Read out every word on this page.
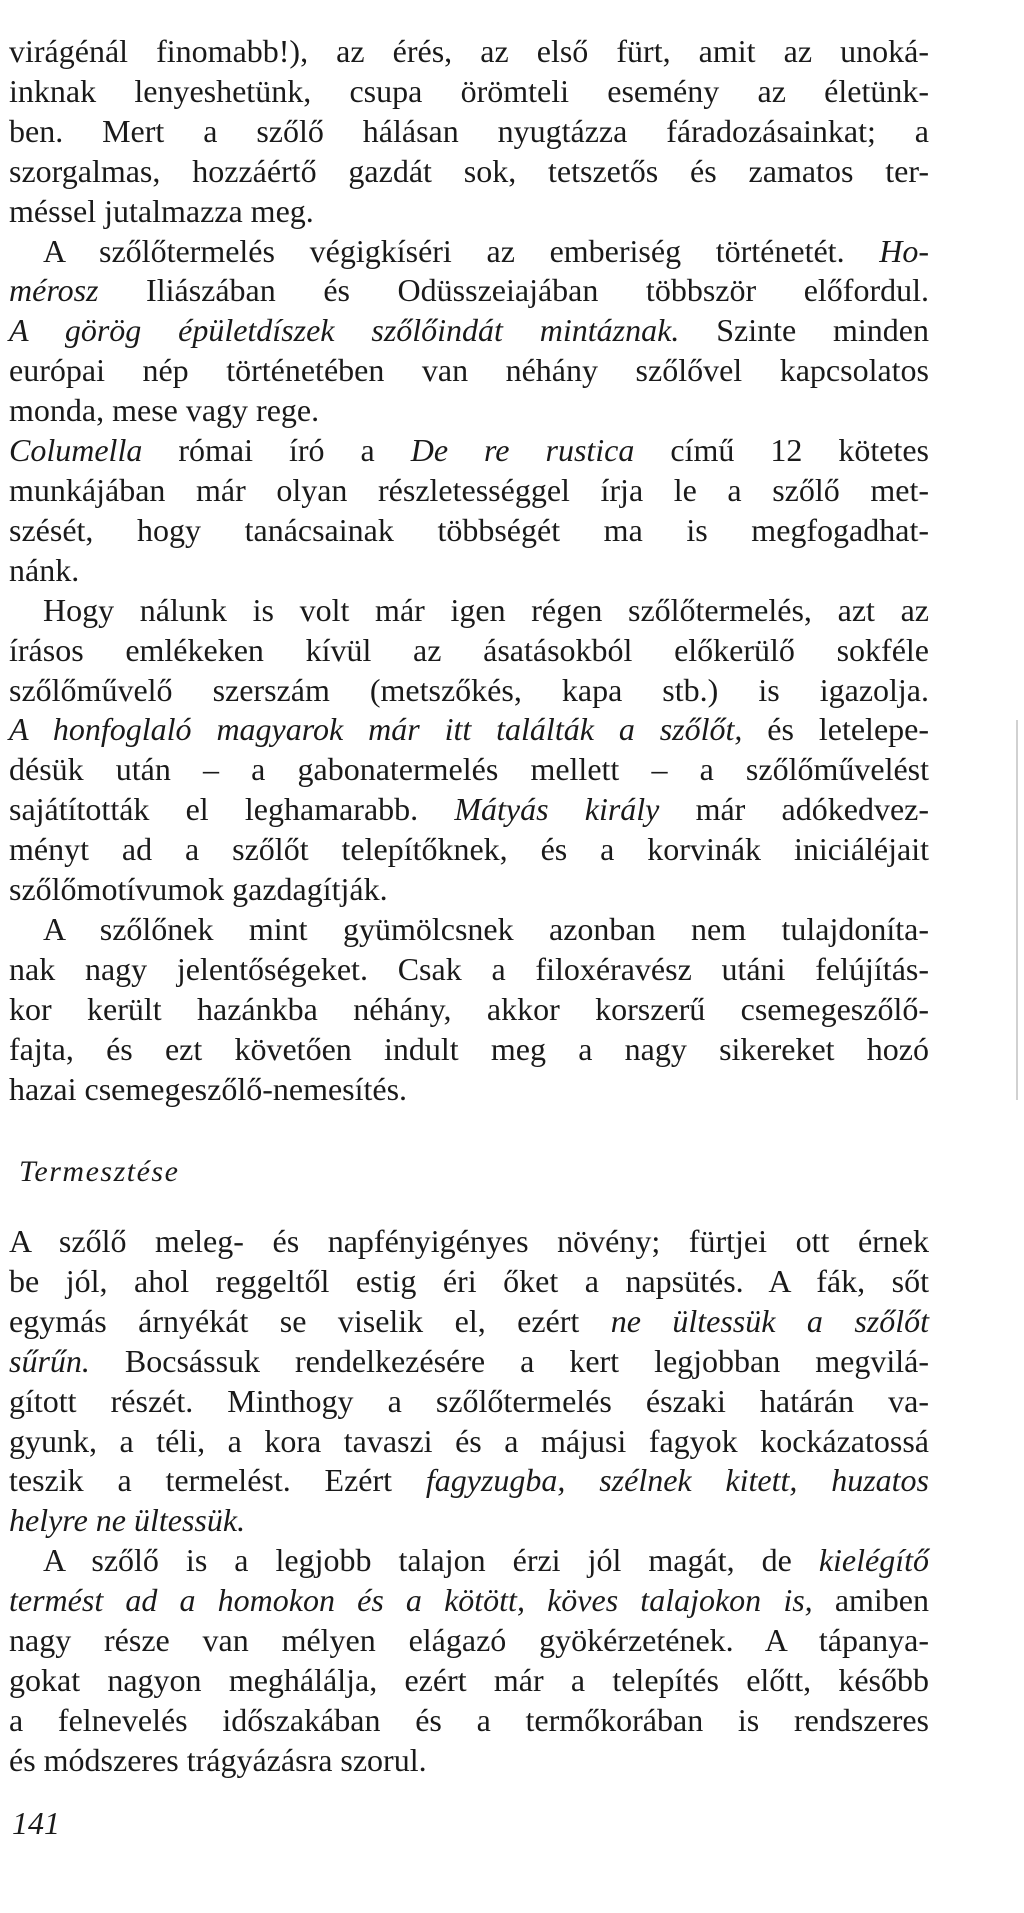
virágénál finomabb!), az érés, az első fürt, amit az unoká-
inknak lenyeshetünk, csupa örömteli esemény az életünk-
ben. Mert a szőlő hálásan nyugtázza fáradozásainkat; a
szorgalmas, hozzáértő gazdát sok, tetszetős és zamatos ter-
méssel jutalmazza meg.
A szőlőtermelés végigkíséri az emberiség történetét. Ho-
mérosz Iliászában és Odüsszeiajában többször előfordul.
A görög épületdíszek szőlőindát mintáznak. Szinte minden
európai nép történetében van néhány szőlővel kapcsolatos
monda, mese vagy rege.
Columella római író a De re rustica című 12 kötetes
munkájában már olyan részletességgel írja le a szőlő met-
szését, hogy tanácsainak többségét ma is megfogadhat-
nánk.
Hogy nálunk is volt már igen régen szőlőtermelés, azt az
írásos emlékeken kívül az ásatásokból előkerülő sokféle
szőlőművelő szerszám (metszőkés, kapa stb.) is igazolja.
A honfoglaló magyarok már itt találták a szőlőt, és letelepe-
désük után – a gabonatermelés mellett – a szőlőművelést
sajátították el leghamarabb. Mátyás király már adókedvez-
ményt ad a szőlőt telepítőknek, és a korvinák iniciáléjait
szőlőmotívumok gazdagítják.
A szőlőnek mint gyümölcsnek azonban nem tulajdoníta-
nak nagy jelentőségeket. Csak a filoxéravész utáni felújítás-
kor került hazánkba néhány, akkor korszerű csemegeszőlő-
fajta, és ezt követően indult meg a nagy sikereket hozó
hazai csemegeszőlő-nemesítés.
Termesztése
A szőlő meleg- és napfényigényes növény; fürtjei ott érnek
be jól, ahol reggeltől estig éri őket a napsütés. A fák, sőt
egymás árnyékát se viselik el, ezért ne ültessük a szőlőt
sűrűn. Bocsássuk rendelkezésére a kert legjobban megvilá-
gított részét. Minthogy a szőlőtermelés északi határán va-
gyunk, a téli, a kora tavaszi és a májusi fagyok kockázatossá
teszik a termelést. Ezért fagyzugba, szélnek kitett, huzatos
helyre ne ültessük.
A szőlő is a legjobb talajon érzi jól magát, de kielégítő
termést ad a homokon és a kötött, köves talajokon is, amiben
nagy része van mélyen elágazó gyökérzetének. A tápanya-
gokat nagyon meghálálja, ezért már a telepítés előtt, később
a felnevelés időszakában és a termőkorában is rendszeres
és módszeres trágyázásra szorul.
141
